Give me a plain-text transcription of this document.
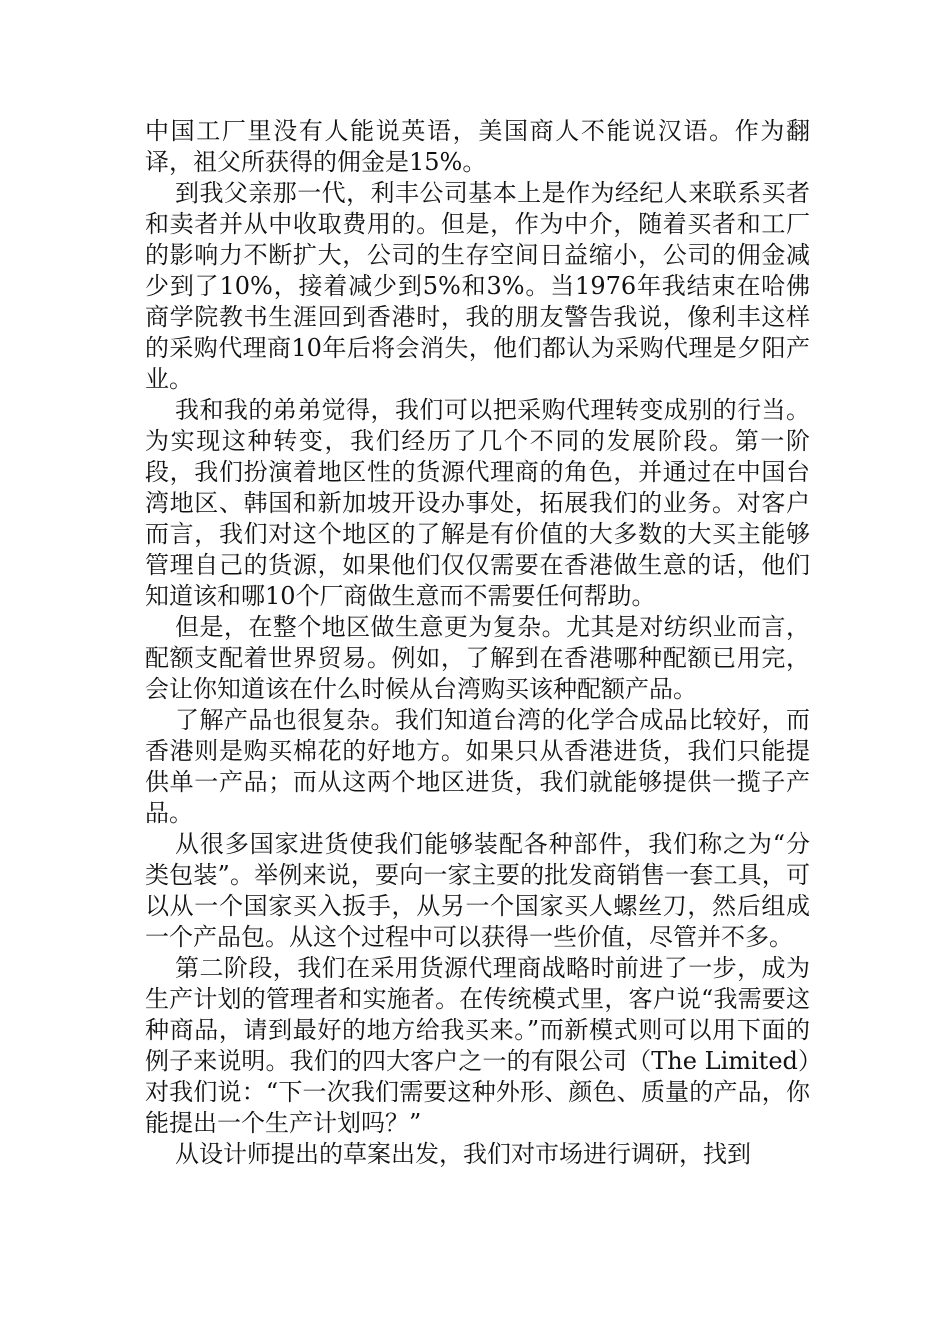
中国工厂里没有人能说英语，美国商人不能说汉语。作为翻译，祖父所获得的佣金是15%。

到我父亲那一代，利丰公司基本上是作为经纪人来联系买者和卖者并从中收取费用的。但是，作为中介，随着买者和工厂的影响力不断扩大，公司的生存空间日益缩小，公司的佣金减少到了10%，接着减少到5%和3%。当1976年我结束在哈佛商学院教书生涯回到香港时，我的朋友警告我说，像利丰这样的采购代理商10年后将会消失，他们都认为采购代理是夕阳产业。

我和我的弟弟觉得，我们可以把采购代理转变成别的行当。为实现这种转变，我们经历了几个不同的发展阶段。第一阶段，我们扮演着地区性的货源代理商的角色，并通过在中国台湾地区、韩国和新加坡开设办事处，拓展我们的业务。对客户而言，我们对这个地区的了解是有价值的大多数的大买主能够管理自己的货源，如果他们仅仅需要在香港做生意的话，他们知道该和哪10个厂商做生意而不需要任何帮助。

但是，在整个地区做生意更为复杂。尤其是对纺织业而言，配额支配着世界贸易。例如，了解到在香港哪种配额已用完，会让你知道该在什么时候从台湾购买该种配额产品。

了解产品也很复杂。我们知道台湾的化学合成品比较好，而香港则是购买棉花的好地方。如果只从香港进货，我们只能提供单一产品；而从这两个地区进货，我们就能够提供一揽子产品。

从很多国家进货使我们能够装配各种部件，我们称之为“分类包装”。举例来说，要向一家主要的批发商销售一套工具，可以从一个国家买入扳手，从另一个国家买人螺丝刀，然后组成一个产品包。从这个过程中可以获得一些价值，尽管并不多。

第二阶段，我们在采用货源代理商战略时前进了一步，成为生产计划的管理者和实施者。在传统模式里，客户说“我需要这种商品，请到最好的地方给我买来。”而新模式则可以用下面的例子来说明。我们的四大客户之一的有限公司（The Limited）对我们说：“下一次我们需要这种外形、颜色、质量的产品，你能提出一个生产计划吗？”

从设计师提出的草案出发，我们对市场进行调研，找到
